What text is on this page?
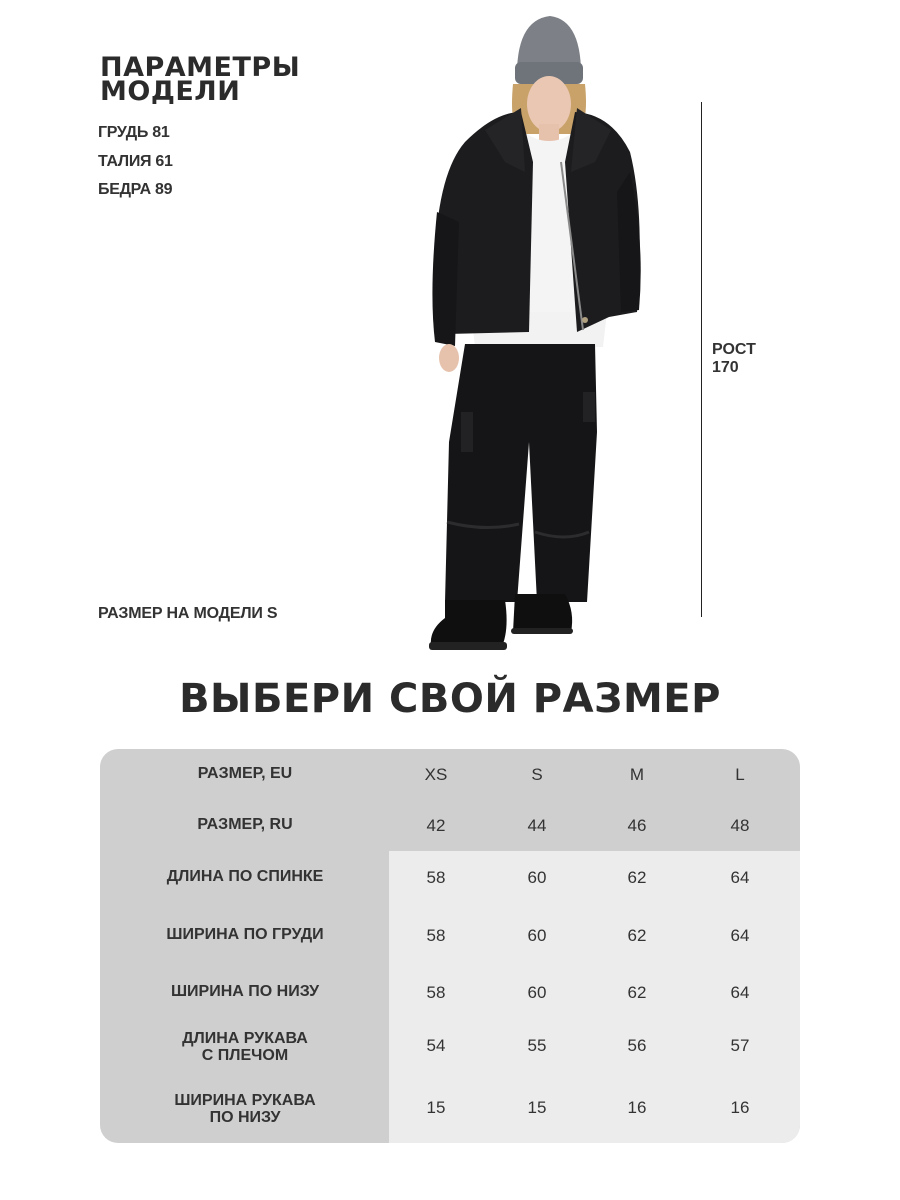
ПАРАМЕТРЫ
МОДЕЛИ

ГРУДЬ 81

ТАЛИЯ 61

БЕДРА 89

РОСТ
170

РАЗМЕР НА МОДЕЛИ S

ВЫБЕРИ СВОЙ РАЗМЕР
РАЗМЕР, EU	XS	S	M	L
РАЗМЕР, RU	42	44	46	48
ДЛИНА ПО СПИНКЕ	58	60	62	64
ШИРИНА ПО ГРУДИ	58	60	62	64
ШИРИНА ПО НИЗУ	58	60	62	64
ДЛИНА РУКАВА
С ПЛЕЧОМ
54	55	56	57
ШИРИНА РУКАВА
ПО НИЗУ
15	15	16	16
